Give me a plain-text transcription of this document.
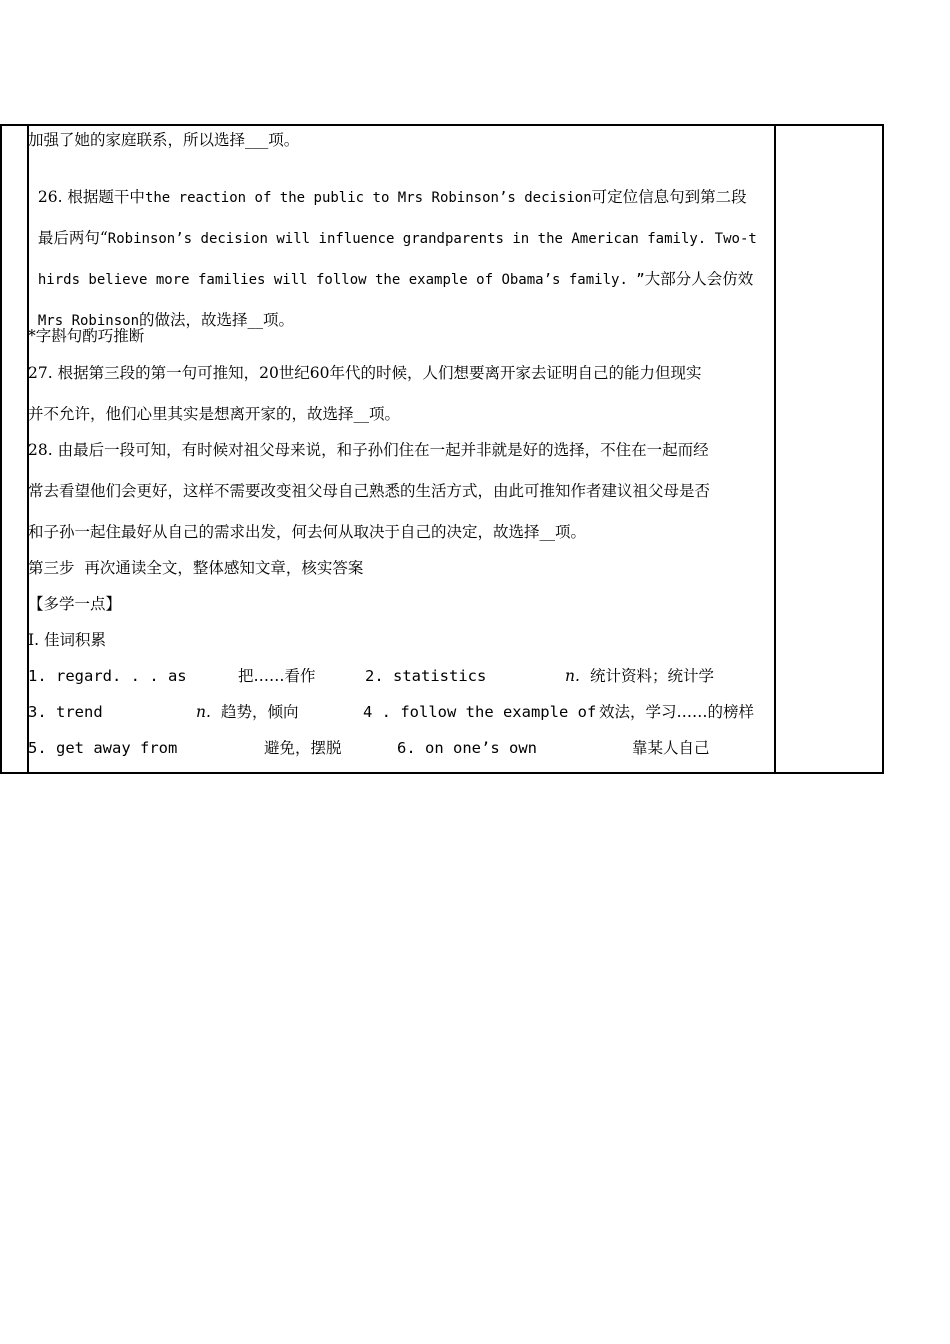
加强了她的家庭联系，所以选择___项。

26. 根据题干中the reaction of the public to Mrs Robinson’s decision可定位信息句到第二段

最后两句“Robinson’s decision will influence grandparents in the American family. Two-t

hirds believe more families will follow the example of Obama’s family. ”大部分人会仿效

Mrs Robinson的做法，故选择__项。

*字斟句酌巧推断
27. 根据第三段的第一句可推知，20世纪60年代的时候，人们想要离开家去证明自己的能力但现实
并不允许，他们心里其实是想离开家的，故选择__项。
28. 由最后一段可知，有时候对祖父母来说，和子孙们住在一起并非就是好的选择，不住在一起而经
常去看望他们会更好，这样不需要改变祖父母自己熟悉的生活方式，由此可推知作者建议祖父母是否
和子孙一起住最好从自己的需求出发，何去何从取决于自己的决定，故选择__项。
第三步  再次通读全文，整体感知文章，核实答案
【多学一点】
Ⅰ. 佳词积累
1. regard. . . as	把……看作	2. statistics	n. 统计资料；统计学
3. trend	n. 趋势，倾向	4 . follow the example of 效法，学习……的榜样
5. get away from	避免，摆脱	6. on one’s own	靠某人自己
